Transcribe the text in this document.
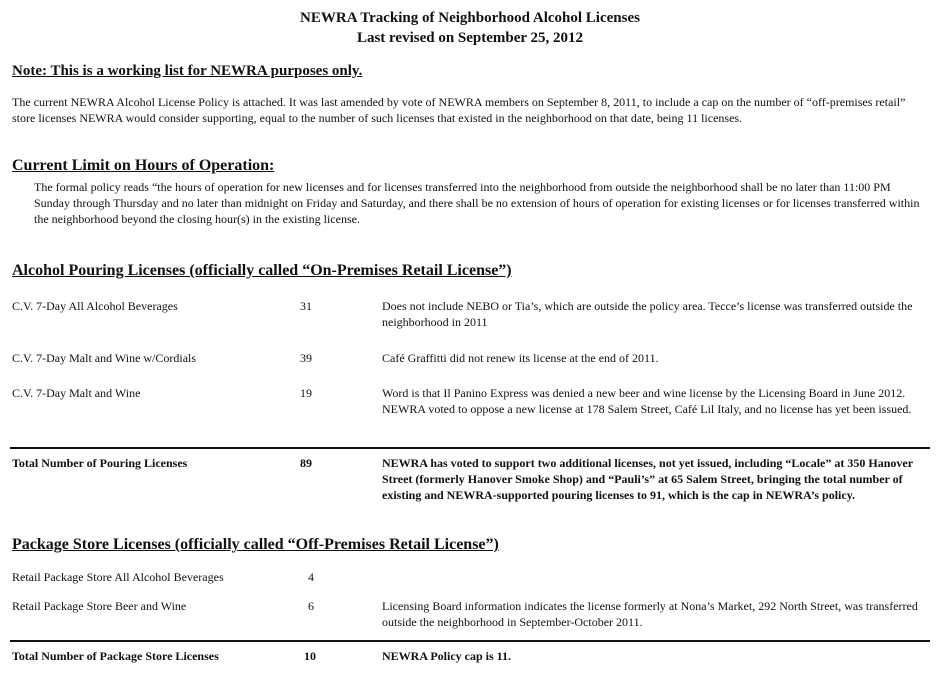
NEWRA Tracking of Neighborhood Alcohol Licenses
Last revised on September 25, 2012
Note: This is a working list for NEWRA purposes only.
The current NEWRA Alcohol License Policy is attached. It was last amended by vote of NEWRA members on September 8, 2011, to include a cap on the number of “off-premises retail” store licenses NEWRA would consider supporting, equal to the number of such licenses that existed in the neighborhood on that date, being 11 licenses.
Current Limit on Hours of Operation:
The formal policy reads “the hours of operation for new licenses and for licenses transferred into the neighborhood from outside the neighborhood shall be no later than 11:00 PM Sunday through Thursday and no later than midnight on Friday and Saturday, and there shall be no extension of hours of operation for existing licenses or for licenses transferred within the neighborhood beyond the closing hour(s) in the existing license.
Alcohol Pouring Licenses (officially called “On-Premises Retail License”)
C.V. 7-Day All Alcohol Beverages	31	Does not include NEBO or Tia’s, which are outside the policy area. Tecce’s license was transferred outside the neighborhood in 2011
C.V. 7-Day Malt and Wine w/Cordials	39	Café Graffitti did not renew its license at the end of 2011.
C.V. 7-Day Malt and Wine	19	Word is that Il Panino Express was denied a new beer and wine license by the Licensing Board in June 2012. NEWRA voted to oppose a new license at 178 Salem Street, Café Lil Italy, and no license has yet been issued.
Total Number of Pouring Licenses	89	NEWRA has voted to support two additional licenses, not yet issued, including “Locale” at 350 Hanover Street (formerly Hanover Smoke Shop) and “Pauli’s” at 65 Salem Street, bringing the total number of existing and NEWRA-supported pouring licenses to 91, which is the cap in NEWRA’s policy.
Package Store Licenses (officially called “Off-Premises Retail License”)
Retail Package Store All Alcohol Beverages	4
Retail Package Store Beer and Wine	6	Licensing Board information indicates the license formerly at Nona’s Market, 292 North Street, was transferred outside the neighborhood in September-October 2011.
Total Number of Package Store Licenses	10	NEWRA Policy cap is 11.
